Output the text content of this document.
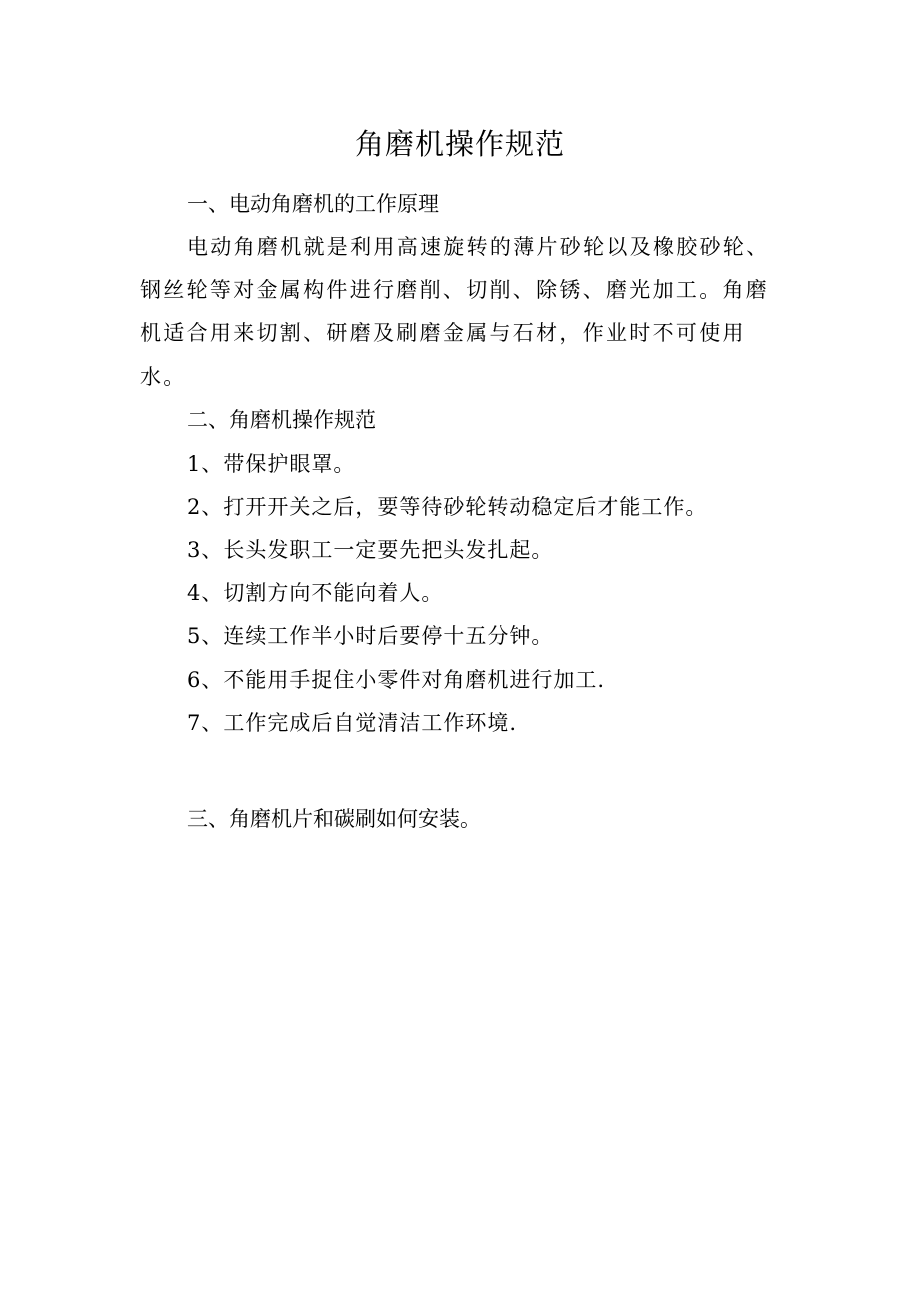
角磨机操作规范
一、电动角磨机的工作原理
电动角磨机就是利用高速旋转的薄片砂轮以及橡胶砂轮、
钢丝轮等对金属构件进行磨削、切削、除锈、磨光加工。角磨
机适合用来切割、研磨及刷磨金属与石材，作业时不可使用
水。
二、角磨机操作规范
1、带保护眼罩。
2、打开开关之后，要等待砂轮转动稳定后才能工作。
3、长头发职工一定要先把头发扎起。
4、切割方向不能向着人。
5、连续工作半小时后要停十五分钟。
6、不能用手捉住小零件对角磨机进行加工.
7、工作完成后自觉清洁工作环境.
三、角磨机片和碳刷如何安装。
